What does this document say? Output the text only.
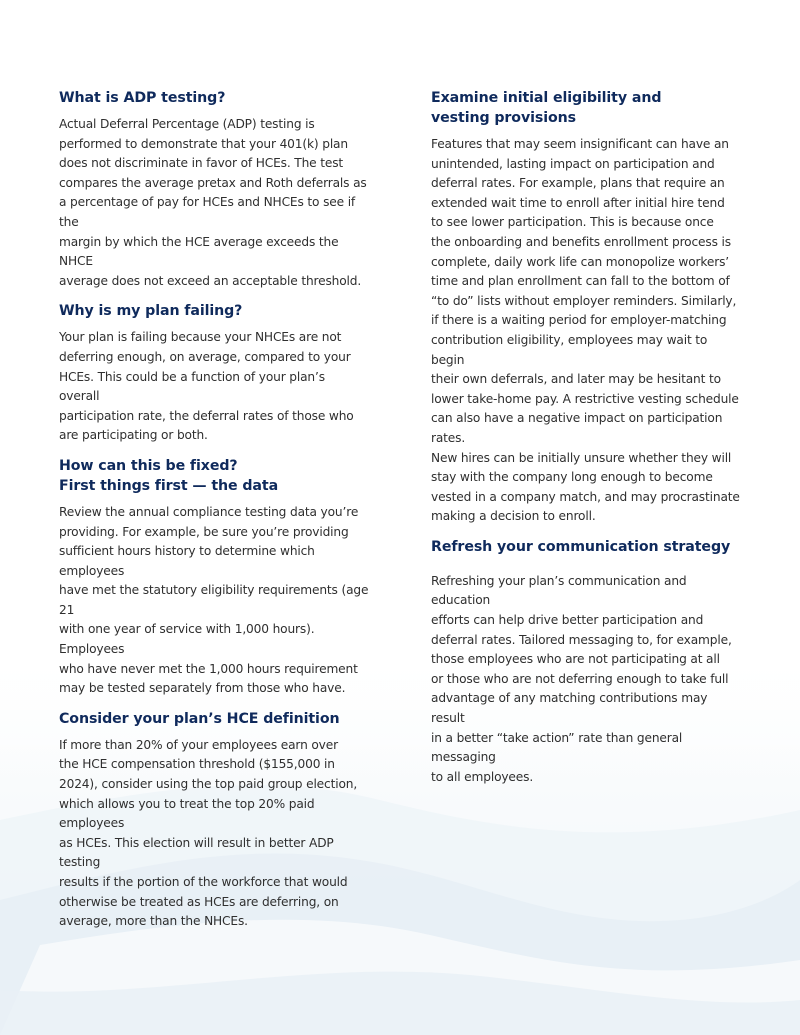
What is ADP testing?

Actual Deferral Percentage (ADP) testing is
performed to demonstrate that your 401(k) plan
does not discriminate in favor of HCEs. The test
compares the average pretax and Roth deferrals as
a percentage of pay for HCEs and NHCEs to see if the
margin by which the HCE average exceeds the NHCE
average does not exceed an acceptable threshold.

Why is my plan failing?

Your plan is failing because your NHCEs are not
deferring enough, on average, compared to your
HCEs. This could be a function of your plan’s overall
participation rate, the deferral rates of those who
are participating or both.

How can this be fixed?
First things first — the data

Review the annual compliance testing data you’re
providing. For example, be sure you’re providing
sufficient hours history to determine which employees
have met the statutory eligibility requirements (age 21
with one year of service with 1,000 hours). Employees
who have never met the 1,000 hours requirement
may be tested separately from those who have.

Consider your plan’s HCE definition

If more than 20% of your employees earn over
the HCE compensation threshold ($155,000 in
2024), consider using the top paid group election,
which allows you to treat the top 20% paid employees
as HCEs. This election will result in better ADP testing
results if the portion of the workforce that would
otherwise be treated as HCEs are deferring, on
average, more than the NHCEs.

Examine initial eligibility and
vesting provisions

Features that may seem insignificant can have an
unintended, lasting impact on participation and
deferral rates. For example, plans that require an
extended wait time to enroll after initial hire tend
to see lower participation. This is because once
the onboarding and benefits enrollment process is
complete, daily work life can monopolize workers’
time and plan enrollment can fall to the bottom of
“to do” lists without employer reminders. Similarly,
if there is a waiting period for employer-matching
contribution eligibility, employees may wait to begin
their own deferrals, and later may be hesitant to
lower take-home pay. A restrictive vesting schedule
can also have a negative impact on participation rates.
New hires can be initially unsure whether they will
stay with the company long enough to become
vested in a company match, and may procrastinate
making a decision to enroll.

Refresh your communication strategy

Refreshing your plan’s communication and education
efforts can help drive better participation and
deferral rates. Tailored messaging to, for example,
those employees who are not participating at all
or those who are not deferring enough to take full
advantage of any matching contributions may result
in a better “take action” rate than general messaging
to all employees.
